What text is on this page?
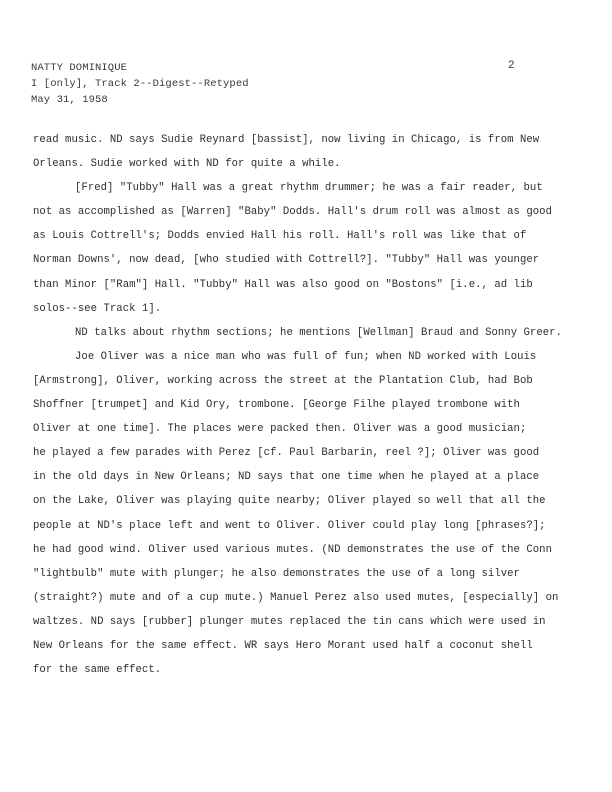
NATTY DOMINIQUE
I [only], Track 2--Digest--Retyped
May 31, 1958
2
read music. ND says Sudie Reynard [bassist], now living in Chicago, is from New
Orleans. Sudie worked with ND for quite a while.
[Fred] "Tubby" Hall was a great rhythm drummer; he was a fair reader, but
not as accomplished as [Warren] "Baby" Dodds. Hall's drum roll was almost as good
as Louis Cottrell's; Dodds envied Hall his roll. Hall's roll was like that of
Norman Downs', now dead, [who studied with Cottrell?]. "Tubby" Hall was younger
than Minor ["Ram"] Hall. "Tubby" Hall was also good on "Bostons" [i.e., ad lib
solos--see Track 1].
ND talks about rhythm sections; he mentions [Wellman] Braud and Sonny Greer.
Joe Oliver was a nice man who was full of fun; when ND worked with Louis
[Armstrong], Oliver, working across the street at the Plantation Club, had Bob
Shoffner [trumpet] and Kid Ory, trombone. [George Filhe played trombone with
Oliver at one time]. The places were packed then. Oliver was a good musician;
he played a few parades with Perez [cf. Paul Barbarin, reel ?]; Oliver was good
in the old days in New Orleans; ND says that one time when he played at a place
on the Lake, Oliver was playing quite nearby; Oliver played so well that all the
people at ND's place left and went to Oliver. Oliver could play long [phrases?];
he had good wind. Oliver used various mutes. (ND demonstrates the use of the Conn
"lightbulb" mute with plunger; he also demonstrates the use of a long silver
(straight?) mute and of a cup mute.) Manuel Perez also used mutes, [especially] on
waltzes. ND says [rubber] plunger mutes replaced the tin cans which were used in
New Orleans for the same effect. WR says Hero Morant used half a coconut shell
for the same effect.
